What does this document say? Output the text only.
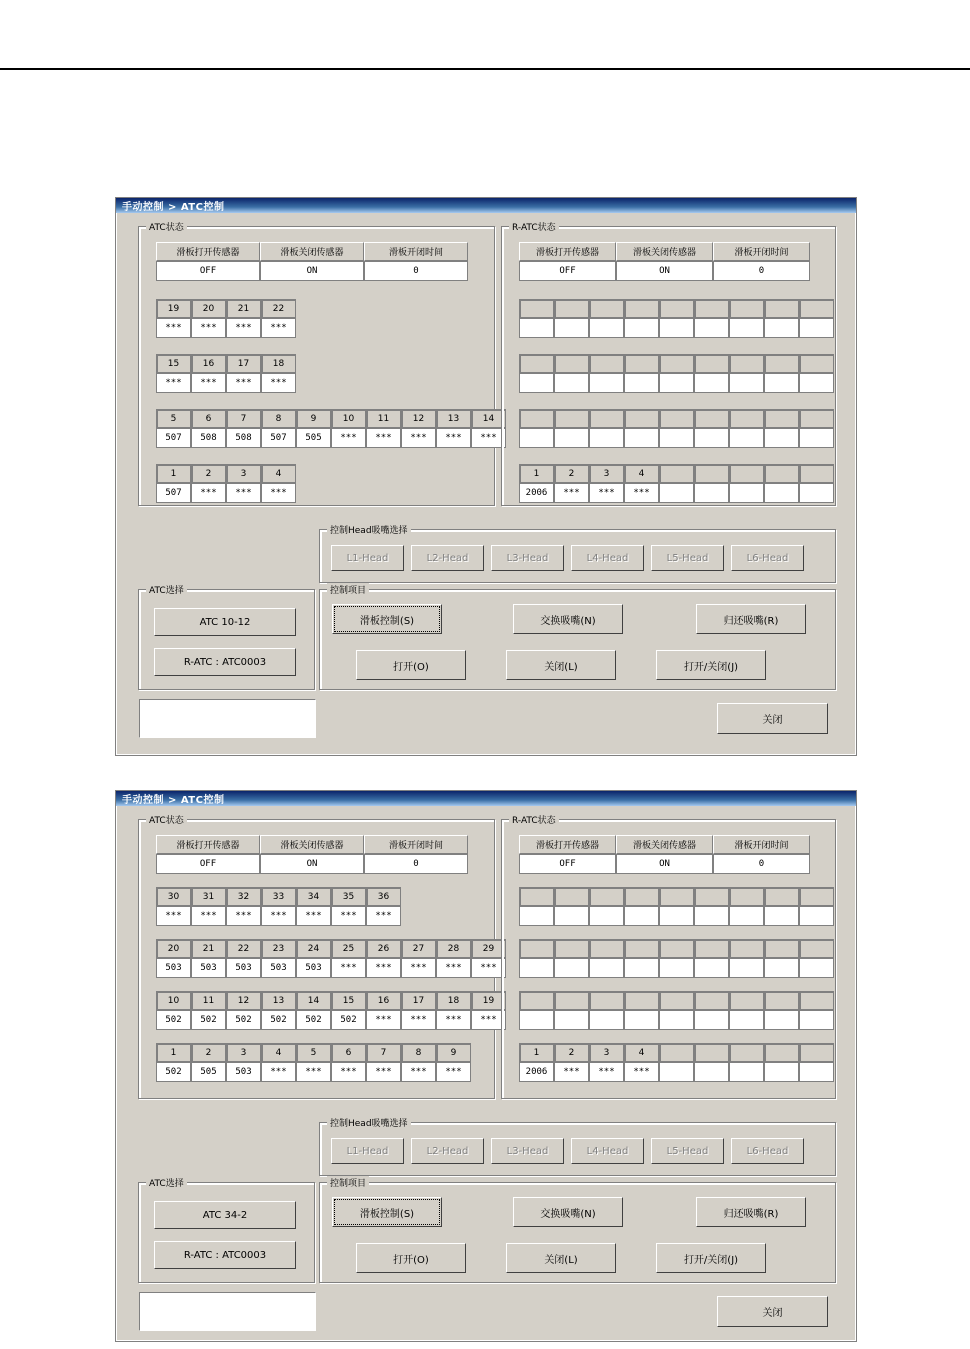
手动控制 > ATC控制
ATC状态
滑板打开传感器	滑板关闭传感器	滑板开闭时间
OFF	ON	0
19	20	21	22
***	***	***	***
15	16	17	18
***	***	***	***
5	6	7	8	9	10	11	12	13	14
507	508	508	507	505	***	***	***	***	***
1	2	3	4
507	***	***	***
R-ATC状态
滑板打开传感器	滑板关闭传感器	滑板开闭时间
OFF	ON	0
1	2	3	4
2006	***	***	***
控制Head吸嘴选择
L1-Head	L2-Head	L3-Head	L4-Head	L5-Head	L6-Head
ATC选择
ATC 10-12
R-ATC : ATC0003
控制项目
滑板控制(S)	交换吸嘴(N)	归还吸嘴(R)
打开(O)	关闭(L)	打开/关闭(J)
关闭
手动控制 > ATC控制
ATC状态
滑板打开传感器	滑板关闭传感器	滑板开闭时间
OFF	ON	0
30	31	32	33	34	35	36
***	***	***	***	***	***	***
20	21	22	23	24	25	26	27	28	29
503	503	503	503	503	***	***	***	***	***
10	11	12	13	14	15	16	17	18	19
502	502	502	502	502	502	***	***	***	***
1	2	3	4	5	6	7	8	9
502	505	503	***	***	***	***	***	***
R-ATC状态
滑板打开传感器	滑板关闭传感器	滑板开闭时间
OFF	ON	0
1	2	3	4
2006	***	***	***
控制Head吸嘴选择
L1-Head	L2-Head	L3-Head	L4-Head	L5-Head	L6-Head
ATC选择
ATC 34-2
R-ATC : ATC0003
控制项目
滑板控制(S)	交换吸嘴(N)	归还吸嘴(R)
打开(O)	关闭(L)	打开/关闭(J)
关闭
